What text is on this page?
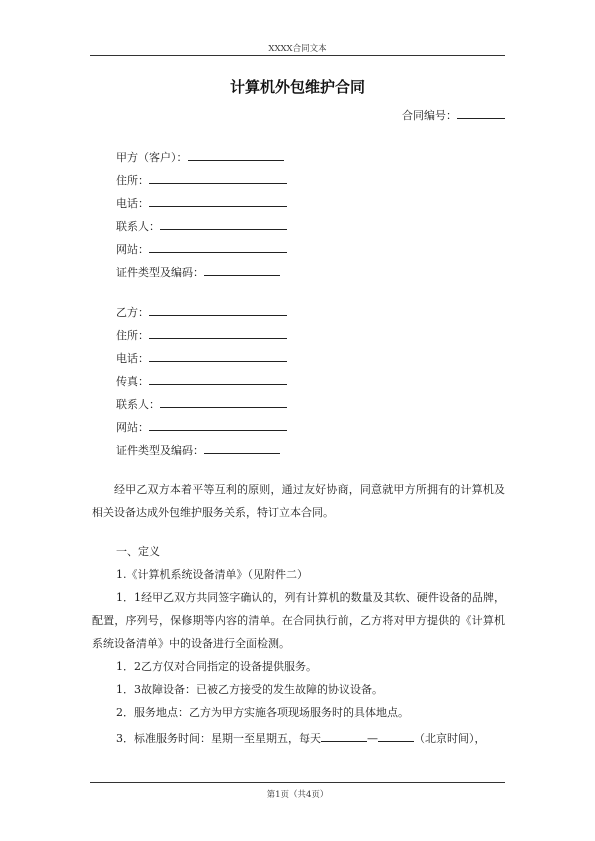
XXXX合同文本
计算机外包维护合同
合同编号：
甲方（客户）：
住所：
电话：
联系人：
网站：
证件类型及编码：
乙方：
住所：
电话：
传真：
联系人：
网站：
证件类型及编码：
经甲乙双方本着平等互利的原则，通过友好协商，同意就甲方所拥有的计算机及相关设备达成外包维护服务关系，特订立本合同。
一、定义
1.《计算机系统设备清单》（见附件二）
1．1经甲乙双方共同签字确认的，列有计算机的数量及其软、硬件设备的品牌，配置，序列号，保修期等内容的清单。在合同执行前，乙方将对甲方提供的《计算机系统设备清单》中的设备进行全面检测。
1．2乙方仅对合同指定的设备提供服务。
1．3故障设备：已被乙方接受的发生故障的协议设备。
2．服务地点：乙方为甲方实施各项现场服务时的具体地点。
3．标准服务时间：星期一至星期五，每天	—	（北京时间），
第1页（共4页）
